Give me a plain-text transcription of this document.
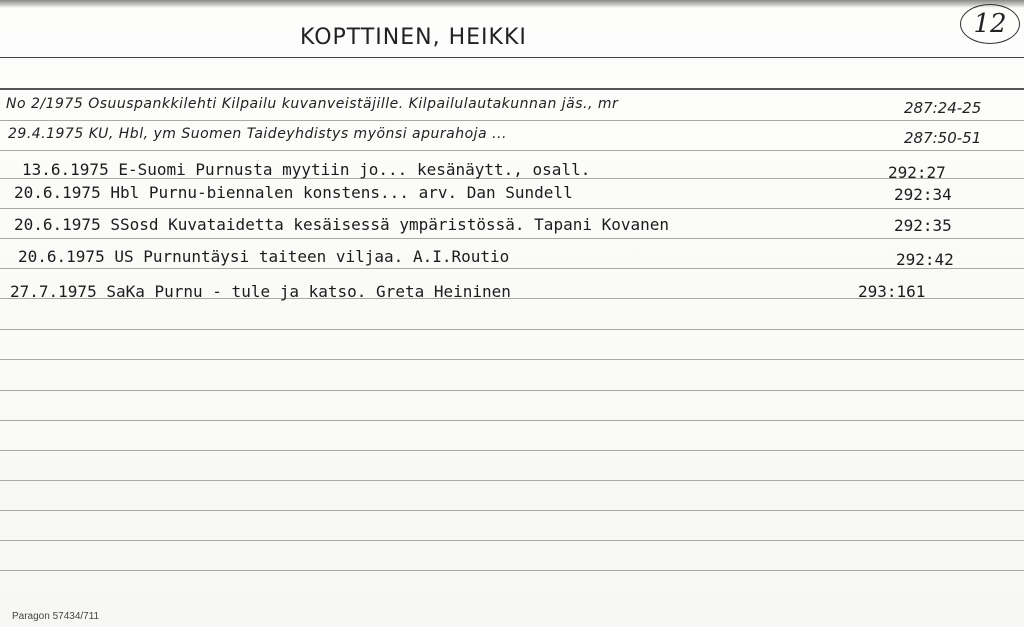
12
KOPTTINEN, HEIKKI
No 2/1975 Osuuspankkilehti Kilpailu kuvanveistäjille. Kilpailulautakunnan jäs., mr	287:24-25
29.4.1975 KU, Hbl, ym Suomen Taideyhdistys myönsi apurahoja ...	287:50-51
13.6.1975 E-Suomi Purnusta myytiin jo... kesänäytt., osall.	292:27
20.6.1975 Hbl Purnu-biennalen konstens... arv. Dan Sundell	292:34
20.6.1975 SSosd Kuvataidetta kesäisessä ympäristössä. Tapani Kovanen	292:35
20.6.1975 US Purnuntäysi taiteen viljaa. A.I.Routio	292:42
27.7.1975 SaKa Purnu - tule ja katso. Greta Heininen	293:161
Paragon 57434/711
